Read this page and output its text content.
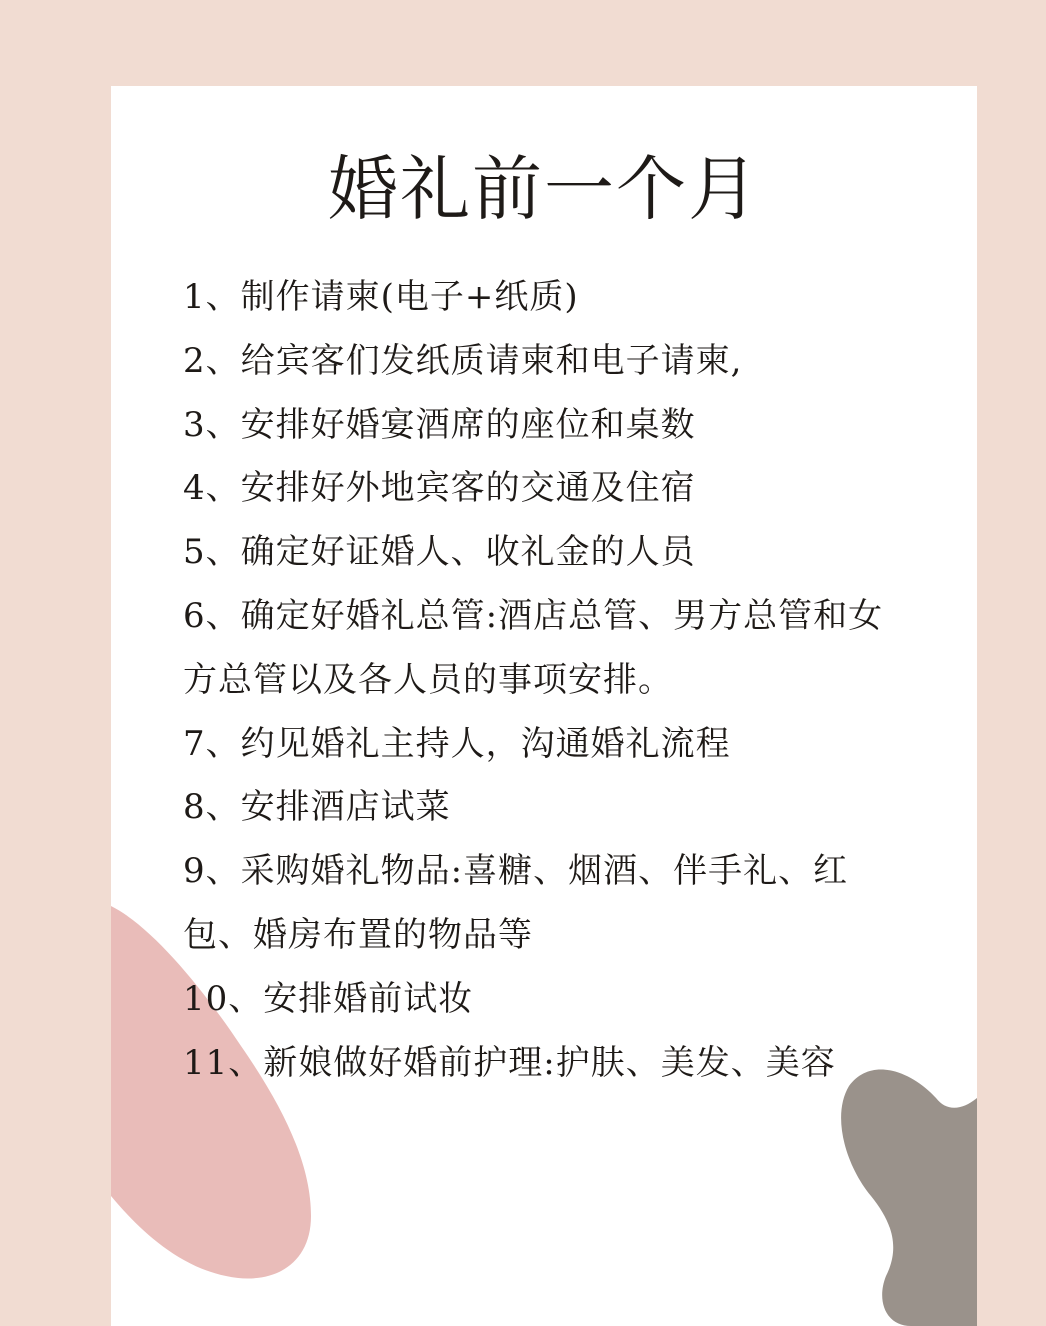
婚礼前一个月
1、制作请柬(电子+纸质)
2、给宾客们发纸质请柬和电子请柬,
3、安排好婚宴酒席的座位和桌数
4、安排好外地宾客的交通及住宿
5、确定好证婚人、收礼金的人员
6、确定好婚礼总管:酒店总管、男方总管和女方总管以及各人员的事项安排。
7、约见婚礼主持人，沟通婚礼流程
8、安排酒店试菜
9、采购婚礼物品:喜糖、烟酒、伴手礼、红包、婚房布置的物品等
10、安排婚前试妆
11、新娘做好婚前护理:护肤、美发、美容
